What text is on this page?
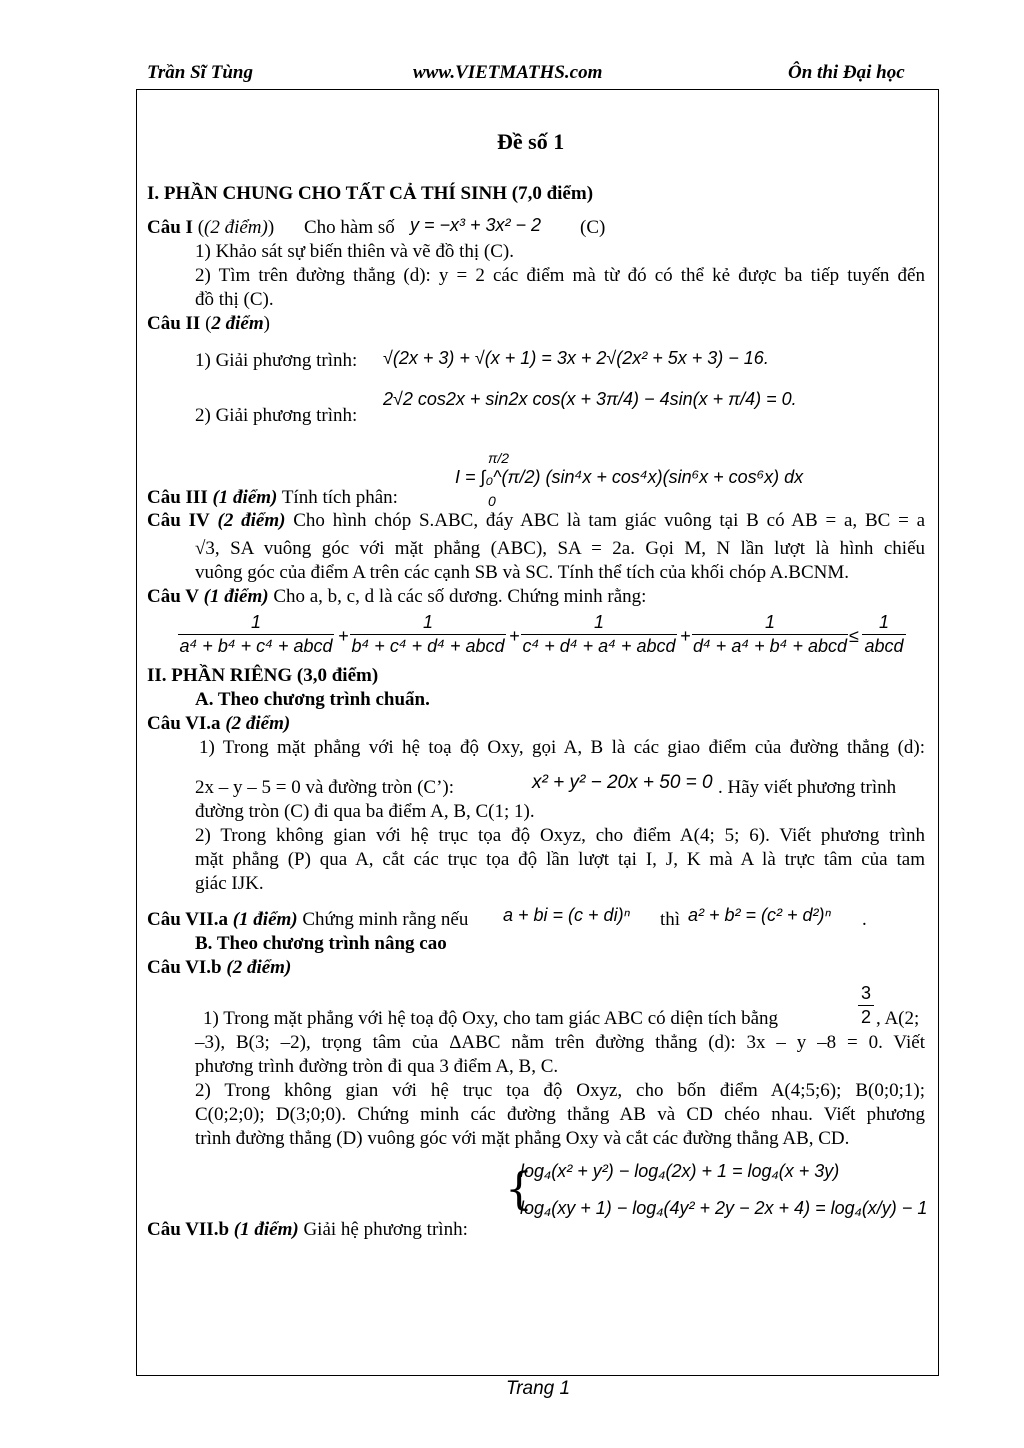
Trần Sĩ Tùng	www.VIETMATHS.com	Ôn thi Đại học
Đề số 1
I. PHẦN CHUNG CHO TẤT CẢ THÍ SINH (7,0 điểm)
Câu I ((2 điểm)) Cho hàm số y = −x³ + 3x² − 2 (C)
1) Khảo sát sự biến thiên và vẽ đồ thị (C).
2) Tìm trên đường thẳng (d): y = 2 các điểm mà từ đó có thể kẻ được ba tiếp tuyến đến
đồ thị (C).
Câu II (2 điểm)
1) Giải phương trình: √(2x + 3) + √(x + 1) = 3x + 2√(2x² + 5x + 3) − 16.
2) Giải phương trình:
2√2 cos2x + sin2x cos(x + 3π/4) − 4sin(x + π/4) = 0.
π/2
I = ∫₀^(π/2) (sin⁴x + cos⁴x)(sin⁶x + cos⁶x) dx
0
Câu III (1 điểm) Tính tích phân:
Câu IV (2 điểm) Cho hình chóp S.ABC, đáy ABC là tam giác vuông tại B có AB = a, BC = a
√3, SA vuông góc với mặt phẳng (ABC), SA = 2a. Gọi M, N lần lượt là hình chiếu
vuông góc của điểm A trên các cạnh SB và SC. Tính thể tích của khối chóp A.BCNM.
Câu V (1 điểm) Cho a, b, c, d là các số dương. Chứng minh rằng:
1
a⁴ + b⁴ + c⁴ + abcd +
1
b⁴ + c⁴ + d⁴ + abcd +
1
c⁴ + d⁴ + a⁴ + abcd +
1
d⁴ + a⁴ + b⁴ + abcd ≤
1
abcd
II. PHẦN RIÊNG (3,0 điểm)
A. Theo chương trình chuẩn.
Câu VI.a (2 điểm)
1) Trong mặt phẳng với hệ toạ độ Oxy, gọi A, B là các giao điểm của đường thẳng (d):
2x – y – 5 = 0 và đường tròn (C’):	x² + y² − 20x + 50 = 0 . Hãy viết phương trình
đường tròn (C) đi qua ba điểm A, B, C(1; 1).
2) Trong không gian với hệ trục tọa độ Oxyz, cho điểm A(4; 5; 6). Viết phương trình
mặt phẳng (P) qua A, cắt các trục tọa độ lần lượt tại I, J, K mà A là trực tâm của tam
giác IJK.
Câu VII.a (1 điểm) Chứng minh rằng nếu a + bi = (c + di)ⁿ thì a² + b² = (c² + d²)ⁿ .
B. Theo chương trình nâng cao
Câu VI.b (2 điểm)
$\frac{3}{2}$
1) Trong mặt phẳng với hệ toạ độ Oxy, cho tam giác ABC có diện tích bằng	, A(2;
–3), B(3; –2), trọng tâm của ΔABC nằm trên đường thẳng (d): 3x – y –8 = 0. Viết
phương trình đường tròn đi qua 3 điểm A, B, C.
2) Trong không gian với hệ trục tọa độ Oxyz, cho bốn điểm A(4;5;6); B(0;0;1);
C(0;2;0); D(3;0;0). Chứng minh các đường thẳng AB và CD chéo nhau. Viết phương
trình đường thẳng (D) vuông góc với mặt phẳng Oxy và cắt các đường thẳng AB, CD.
{
log₄(x² + y²) − log₄(2x) + 1 = log₄(x + 3y)
log₄(xy + 1) − log₄(4y² + 2y − 2x + 4) = log₄(x/y) − 1
Câu VII.b (1 điểm) Giải hệ phương trình:
Trang 1
